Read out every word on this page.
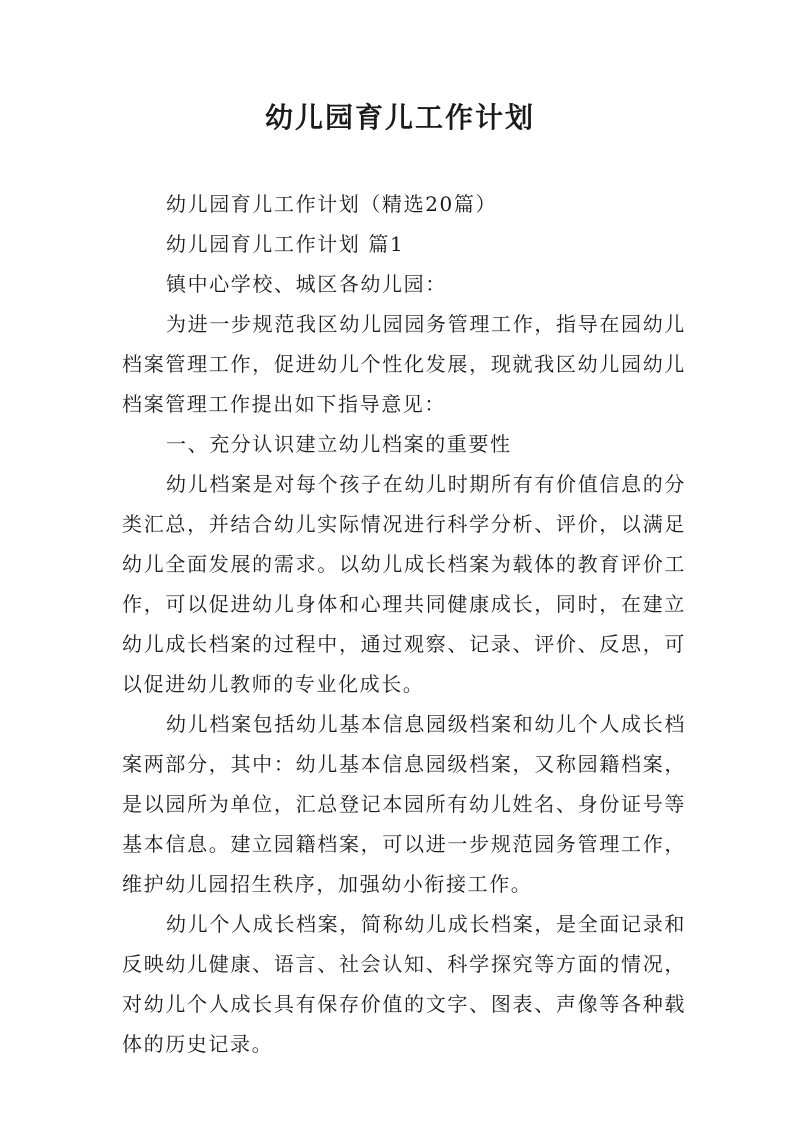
幼儿园育儿工作计划

幼儿园育儿工作计划（精选20篇）

幼儿园育儿工作计划 篇1

镇中心学校、城区各幼儿园：

为进一步规范我区幼儿园园务管理工作，指导在园幼儿档案管理工作，促进幼儿个性化发展，现就我区幼儿园幼儿档案管理工作提出如下指导意见：

一、充分认识建立幼儿档案的重要性

幼儿档案是对每个孩子在幼儿时期所有有价值信息的分类汇总，并结合幼儿实际情况进行科学分析、评价，以满足幼儿全面发展的需求。以幼儿成长档案为载体的教育评价工作，可以促进幼儿身体和心理共同健康成长，同时，在建立幼儿成长档案的过程中，通过观察、记录、评价、反思，可以促进幼儿教师的专业化成长。

幼儿档案包括幼儿基本信息园级档案和幼儿个人成长档案两部分，其中：幼儿基本信息园级档案，又称园籍档案，是以园所为单位，汇总登记本园所有幼儿姓名、身份证号等基本信息。建立园籍档案，可以进一步规范园务管理工作，维护幼儿园招生秩序，加强幼小衔接工作。

幼儿个人成长档案，简称幼儿成长档案，是全面记录和反映幼儿健康、语言、社会认知、科学探究等方面的情况，对幼儿个人成长具有保存价值的文字、图表、声像等各种载体的历史记录。
